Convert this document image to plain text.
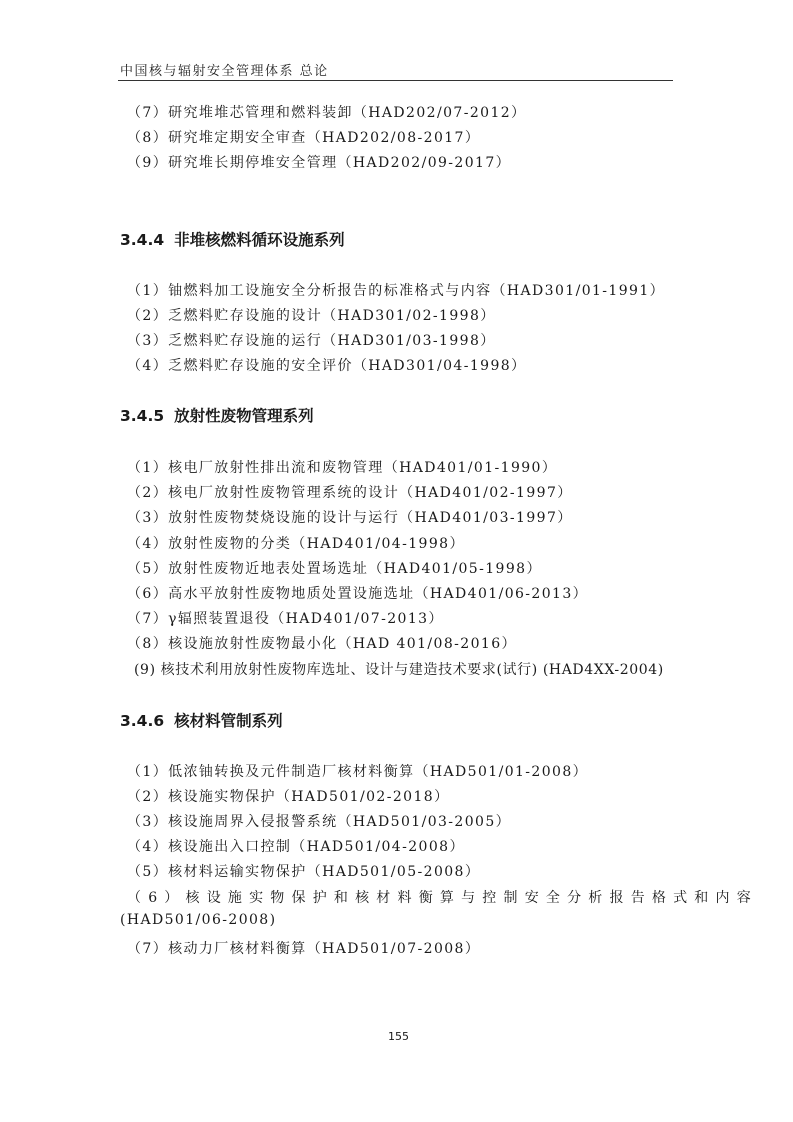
中国核与辐射安全管理体系 总论
（7）研究堆堆芯管理和燃料装卸（HAD202/07-2012）
（8）研究堆定期安全审查（HAD202/08-2017）
（9）研究堆长期停堆安全管理（HAD202/09-2017）
3.4.4 非堆核燃料循环设施系列
（1）铀燃料加工设施安全分析报告的标准格式与内容（HAD301/01-1991）
（2）乏燃料贮存设施的设计（HAD301/02-1998）
（3）乏燃料贮存设施的运行（HAD301/03-1998）
（4）乏燃料贮存设施的安全评价（HAD301/04-1998）
3.4.5 放射性废物管理系列
（1）核电厂放射性排出流和废物管理（HAD401/01-1990）
（2）核电厂放射性废物管理系统的设计（HAD401/02-1997）
（3）放射性废物焚烧设施的设计与运行（HAD401/03-1997）
（4）放射性废物的分类（HAD401/04-1998）
（5）放射性废物近地表处置场选址（HAD401/05-1998）
（6）高水平放射性废物地质处置设施选址（HAD401/06-2013）
（7）γ辐照装置退役（HAD401/07-2013）
（8）核设施放射性废物最小化（HAD 401/08-2016）
(9) 核技术利用放射性废物库选址、设计与建造技术要求(试行) (HAD4XX-2004)
3.4.6 核材料管制系列
（1）低浓铀转换及元件制造厂核材料衡算（HAD501/01-2008）
（2）核设施实物保护（HAD501/02-2018）
（3）核设施周界入侵报警系统（HAD501/03-2005）
（4）核设施出入口控制（HAD501/04-2008）
（5）核材料运输实物保护（HAD501/05-2008）
（6）核设施实物保护和核材料衡算与控制安全分析报告格式和内容
(HAD501/06-2008)
（7）核动力厂核材料衡算（HAD501/07-2008）
155
